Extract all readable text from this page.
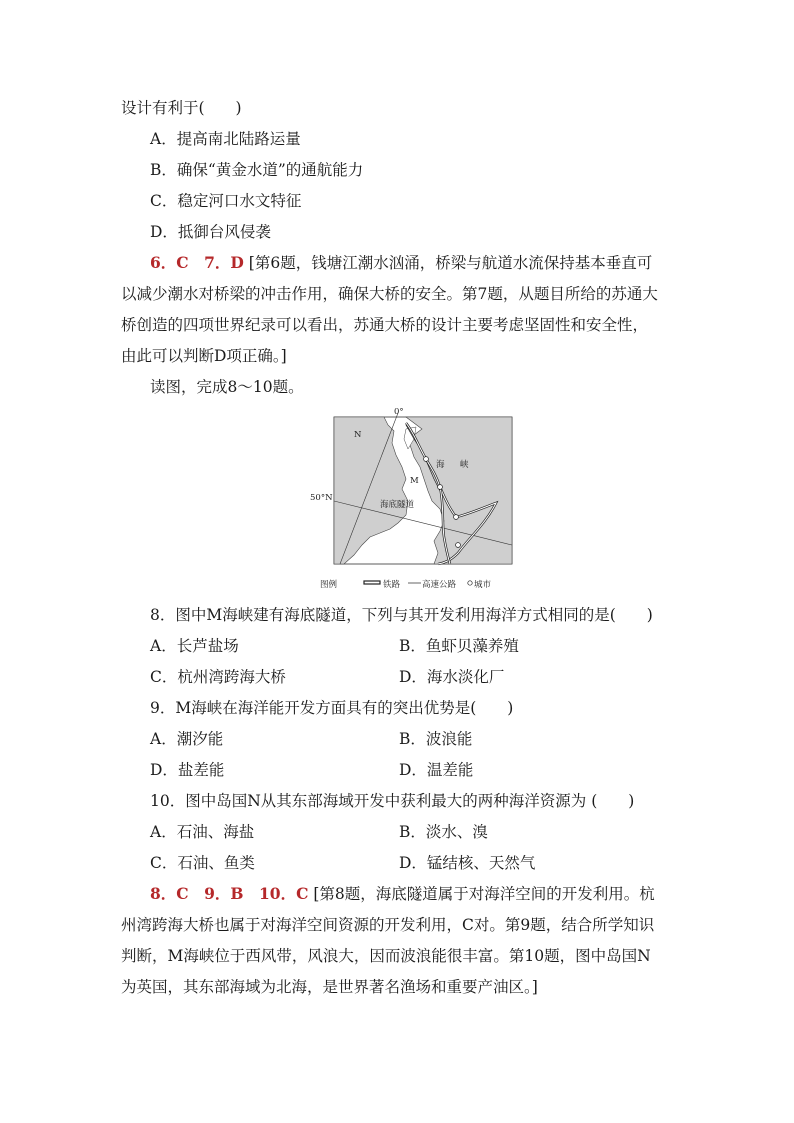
设计有利于(　　)
A．提高南北陆路运量
B．确保“黄金水道”的通航能力
C．稳定河口水文特征
D．抵御台风侵袭
6．C　7．D [第6题，钱塘江潮水汹涌，桥梁与航道水流保持基本垂直可
以减少潮水对桥梁的冲击作用，确保大桥的安全。第7题，从题目所给的苏通大
桥创造的四项世界纪录可以看出，苏通大桥的设计主要考虑坚固性和安全性，
由此可以判断D项正确。]
读图，完成8～10题。
0°
50°N
N
M
海 峡
海底隧道
图例	铁路	高速公路 城市
8．图中M海峡建有海底隧道，下列与其开发利用海洋方式相同的是(　　)
A．长芦盐场	B．鱼虾贝藻养殖
C．杭州湾跨海大桥	D．海水淡化厂
9．M海峡在海洋能开发方面具有的突出优势是(　　)
A．潮汐能	B．波浪能
D．盐差能	D．温差能
10．图中岛国N从其东部海域开发中获利最大的两种海洋资源为 (　　)
A．石油、海盐	B．淡水、溴
C．石油、鱼类	D．锰结核、天然气
8．C　9．B　10．C [第8题，海底隧道属于对海洋空间的开发利用。杭
州湾跨海大桥也属于对海洋空间资源的开发利用，C对。第9题，结合所学知识
判断，M海峡位于西风带，风浪大，因而波浪能很丰富。第10题，图中岛国N
为英国，其东部海域为北海，是世界著名渔场和重要产油区。]
